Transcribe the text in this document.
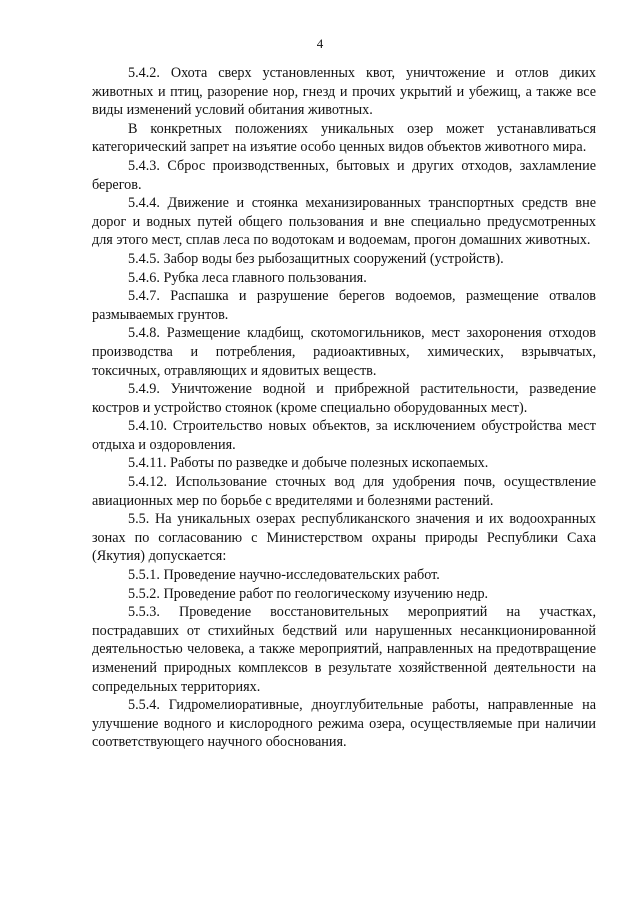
4

5.4.2. Охота сверх установленных квот, уничтожение и отлов диких животных и птиц, разорение нор, гнезд и прочих укрытий и убежищ, а также все виды изменений условий обитания животных.

В конкретных положениях уникальных озер может устанавливаться категорический запрет на изъятие особо ценных видов объектов животного мира.

5.4.3. Сброс производственных, бытовых и других отходов, захламление берегов.

5.4.4. Движение и стоянка механизированных транспортных средств вне дорог и водных путей общего пользования и вне специально предусмотренных для этого мест, сплав леса по водотокам и водоемам, прогон домашних животных.

5.4.5. Забор воды без рыбозащитных сооружений (устройств).

5.4.6. Рубка леса главного пользования.

5.4.7. Распашка и разрушение берегов водоемов, размещение отвалов размываемых грунтов.

5.4.8. Размещение кладбищ, скотомогильников, мест захоронения отходов производства и потребления, радиоактивных, химических, взрывчатых, токсичных, отравляющих и ядовитых веществ.

5.4.9. Уничтожение водной и прибрежной растительности, разведение костров и устройство стоянок (кроме специально оборудованных мест).

5.4.10. Строительство новых объектов, за исключением обустройства мест отдыха и оздоровления.

5.4.11. Работы по разведке и добыче полезных ископаемых.

5.4.12. Использование сточных вод для удобрения почв, осуществление авиационных мер по борьбе с вредителями и болезнями растений.

5.5. На уникальных озерах республиканского значения и их водоохранных зонах по согласованию с Министерством охраны природы Республики Саха (Якутия) допускается:

5.5.1. Проведение научно-исследовательских работ.

5.5.2. Проведение работ по геологическому изучению недр.

5.5.3. Проведение восстановительных мероприятий на участках, пострадавших от стихийных бедствий или нарушенных несанкционированной деятельностью человека, а также мероприятий, направленных на предотвращение изменений природных комплексов в результате хозяйственной деятельности на сопредельных территориях.

5.5.4. Гидромелиоративные, дноуглубительные работы, направленные на улучшение водного и кислородного режима озера, осуществляемые при наличии соответствующего научного обоснования.
